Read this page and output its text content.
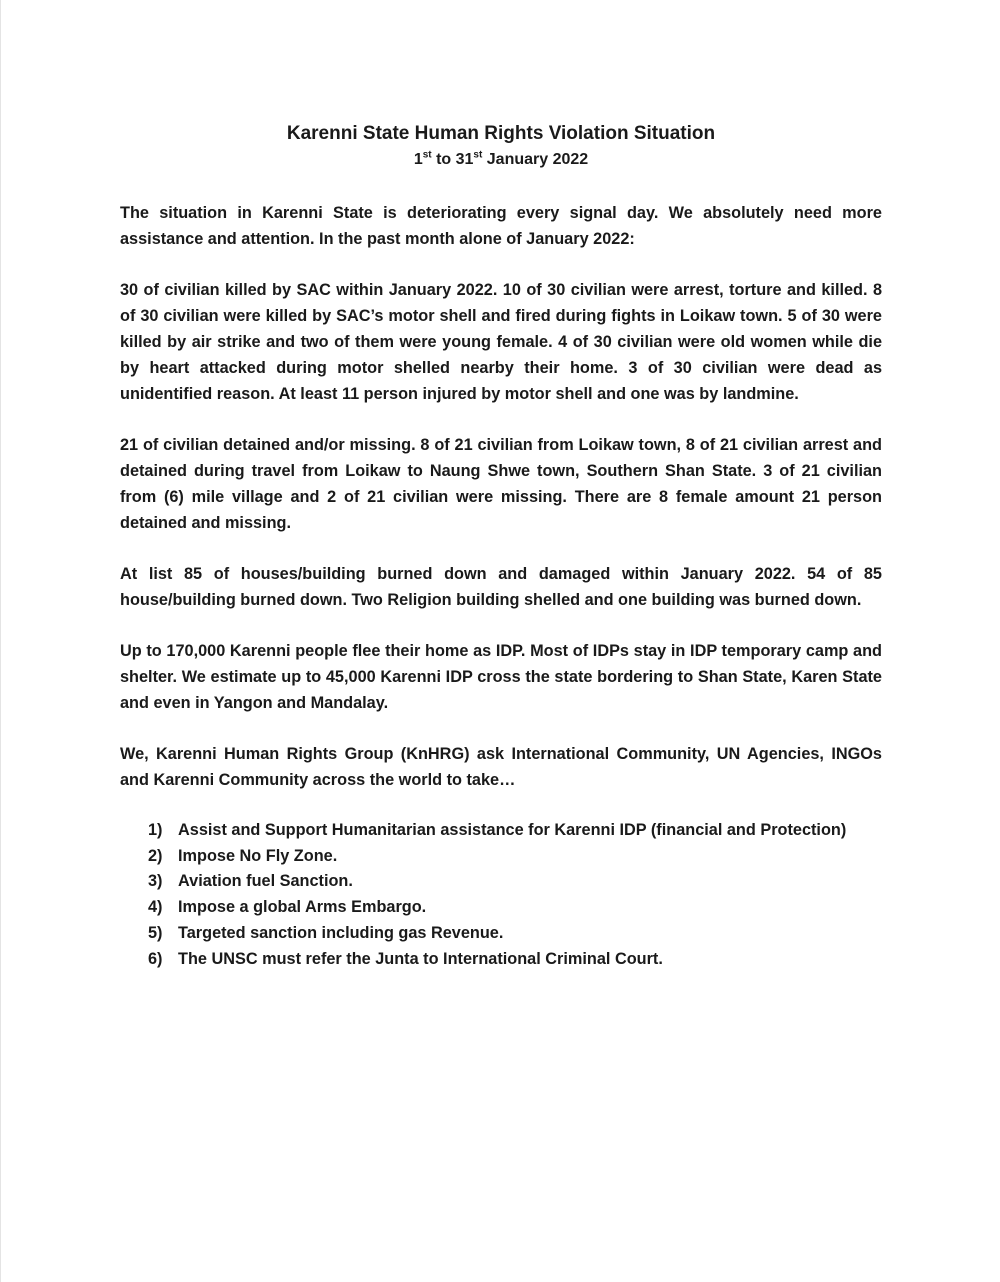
Karenni State Human Rights Violation Situation

1st to 31st January 2022

The situation in Karenni State is deteriorating every signal day. We absolutely need more assistance and attention. In the past month alone of January 2022:

30 of civilian killed by SAC within January 2022. 10 of 30 civilian were arrest, torture and killed. 8 of 30 civilian were killed by SAC’s motor shell and fired during fights in Loikaw town. 5 of 30 were killed by air strike and two of them were young female. 4 of 30 civilian were old women while die by heart attacked during motor shelled nearby their home. 3 of 30 civilian were dead as unidentified reason. At least 11 person injured by motor shell and one was by landmine.

21 of civilian detained and/or missing. 8 of 21 civilian from Loikaw town, 8 of 21 civilian arrest and detained during travel from Loikaw to Naung Shwe town, Southern Shan State. 3 of 21 civilian from (6) mile village and 2 of 21 civilian were missing. There are 8 female amount 21 person detained and missing.

At list 85 of houses/building burned down and damaged within January 2022. 54 of 85 house/building burned down. Two Religion building shelled and one building was burned down.

Up to 170,000 Karenni people flee their home as IDP. Most of IDPs stay in IDP temporary camp and shelter. We estimate up to 45,000 Karenni IDP cross the state bordering to Shan State, Karen State and even in Yangon and Mandalay.

We, Karenni Human Rights Group (KnHRG) ask International Community, UN Agencies, INGOs and Karenni Community across the world to take…

1) Assist and Support Humanitarian assistance for Karenni IDP (financial and Protection)
2) Impose No Fly Zone.
3) Aviation fuel Sanction.
4) Impose a global Arms Embargo.
5) Targeted sanction including gas Revenue.
6) The UNSC must refer the Junta to International Criminal Court.
